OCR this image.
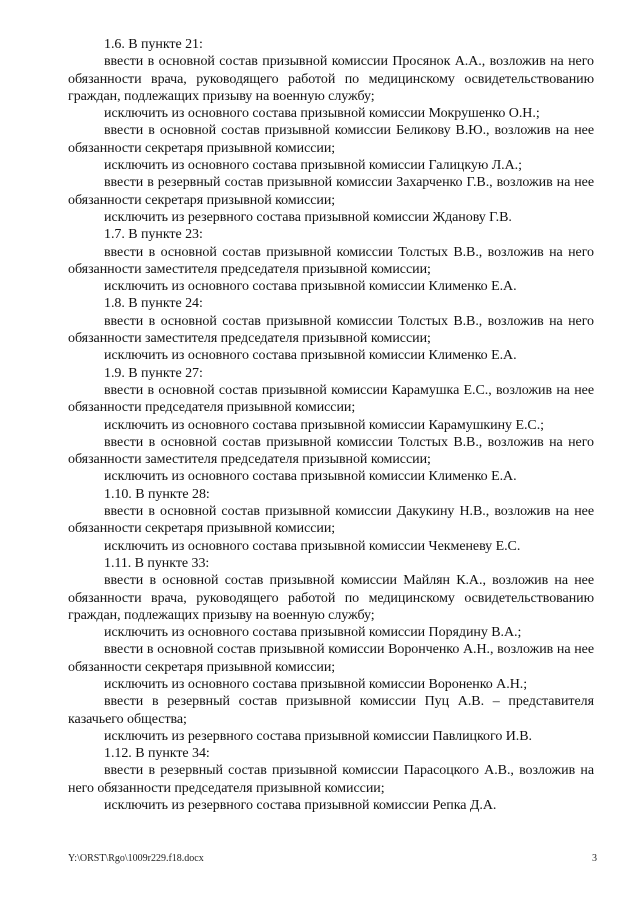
1.6. В пункте 21:

ввести в основной состав призывной комиссии Просянок А.А., возложив на него обязанности врача, руководящего работой по медицинскому освидетельствованию граждан, подлежащих призыву на военную службу;

исключить из основного состава призывной комиссии Мокрушенко О.Н.;

ввести в основной состав призывной комиссии Беликову В.Ю., возложив на нее обязанности секретаря призывной комиссии;

исключить из основного состава призывной комиссии Галицкую Л.А.;

ввести в резервный состав призывной комиссии Захарченко Г.В., возложив на нее обязанности секретаря призывной комиссии;

исключить из резервного состава призывной комиссии Жданову Г.В.

1.7. В пункте 23:

ввести в основной состав призывной комиссии Толстых В.В., возложив на него обязанности заместителя председателя призывной комиссии;

исключить из основного состава призывной комиссии Клименко Е.А.

1.8. В пункте 24:

ввести в основной состав призывной комиссии Толстых В.В., возложив на него обязанности заместителя председателя призывной комиссии;

исключить из основного состава призывной комиссии Клименко Е.А.

1.9. В пункте 27:

ввести в основной состав призывной комиссии Карамушка Е.С., возложив на нее обязанности председателя призывной комиссии;

исключить из основного состава призывной комиссии Карамушкину Е.С.;

ввести в основной состав призывной комиссии Толстых В.В., возложив на него обязанности заместителя председателя призывной комиссии;

исключить из основного состава призывной комиссии Клименко Е.А.

1.10. В пункте 28:

ввести в основной состав призывной комиссии Дакукину Н.В., возложив на нее обязанности секретаря призывной комиссии;

исключить из основного состава призывной комиссии Чекменеву Е.С.

1.11. В пункте 33:

ввести в основной состав призывной комиссии Майлян К.А., возложив на нее обязанности врача, руководящего работой по медицинскому освидетельствованию граждан, подлежащих призыву на военную службу;

исключить из основного состава призывной комиссии Порядину В.А.;

ввести в основной состав призывной комиссии Воронченко А.Н., возложив на нее обязанности секретаря призывной комиссии;

исключить из основного состава призывной комиссии Вороненко А.Н.;

ввести в резервный состав призывной комиссии Пуц А.В. – представителя казачьего общества;

исключить из резервного состава призывной комиссии Павлицкого И.В.

1.12. В пункте 34:

ввести в резервный состав призывной комиссии Парасоцкого А.В., возложив на него обязанности председателя призывной комиссии;

исключить из резервного состава призывной комиссии Репка Д.А.

Y:\ORST\Rgo\1009r229.f18.docx	3
